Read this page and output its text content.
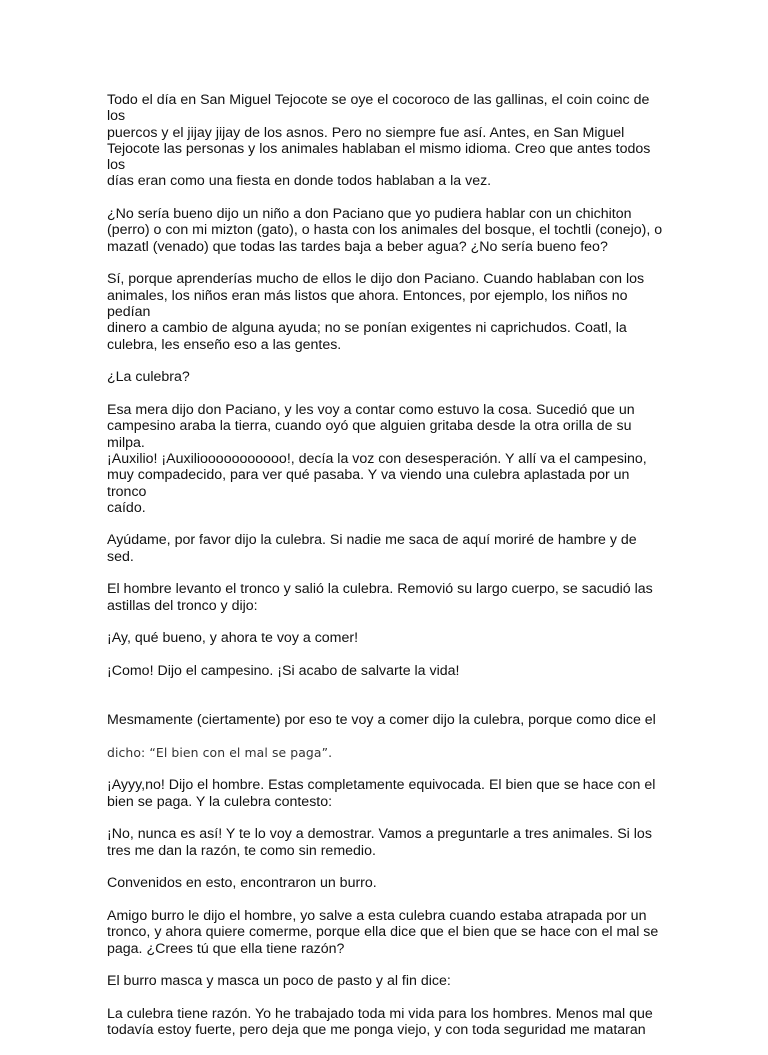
Todo el día en San Miguel Tejocote se oye el cocoroco de las gallinas, el coin coinc de los
puercos y el jijay jijay de los asnos. Pero no siempre fue así. Antes, en San Miguel
Tejocote las personas y los animales hablaban el mismo idioma. Creo que antes todos los
días eran como una fiesta en donde todos hablaban a la vez.

¿No sería bueno dijo un niño a don Paciano que yo pudiera hablar con un chichiton
(perro) o con mi mizton (gato), o hasta con los animales del bosque, el tochtli (conejo), o
mazatl (venado) que todas las tardes baja a beber agua? ¿No sería bueno feo?

Sí, porque aprenderías mucho de ellos le dijo don Paciano. Cuando hablaban con los
animales, los niños eran más listos que ahora. Entonces, por ejemplo, los niños no pedían
dinero a cambio de alguna ayuda; no se ponían exigentes ni caprichudos. Coatl, la
culebra, les enseño eso a las gentes.

¿La culebra?

Esa mera dijo don Paciano, y les voy a contar como estuvo la cosa. Sucedió que un
campesino araba la tierra, cuando oyó que alguien gritaba desde la otra orilla de su milpa.
¡Auxilio! ¡Auxiliooooooooooo!, decía la voz con desesperación. Y allí va el campesino,
muy compadecido, para ver qué pasaba. Y va viendo una culebra aplastada por un tronco
caído.

Ayúdame, por favor dijo la culebra. Si nadie me saca de aquí moriré de hambre y de sed.

El hombre levanto el tronco y salió la culebra. Removió su largo cuerpo, se sacudió las
astillas del tronco y dijo:

¡Ay, qué bueno, y ahora te voy a comer!

¡Como! Dijo el campesino. ¡Si acabo de salvarte la vida!

Mesmamente (ciertamente) por eso te voy a comer dijo la culebra, porque como dice el

dicho: “El bien con el mal se paga”.

¡Ayyy,no! Dijo el hombre. Estas completamente equivocada. El bien que se hace con el
bien se paga. Y la culebra contesto:

¡No, nunca es así! Y te lo voy a demostrar. Vamos a preguntarle a tres animales. Si los
tres me dan la razón, te como sin remedio.

Convenidos en esto, encontraron un burro.

Amigo burro le dijo el hombre, yo salve a esta culebra cuando estaba atrapada por un
tronco, y ahora quiere comerme, porque ella dice que el bien que se hace con el mal se
paga. ¿Crees tú que ella tiene razón?

El burro masca y masca un poco de pasto y al fin dice:

La culebra tiene razón. Yo he trabajado toda mi vida para los hombres. Menos mal que
todavía estoy fuerte, pero deja que me ponga viejo, y con toda seguridad me mataran
